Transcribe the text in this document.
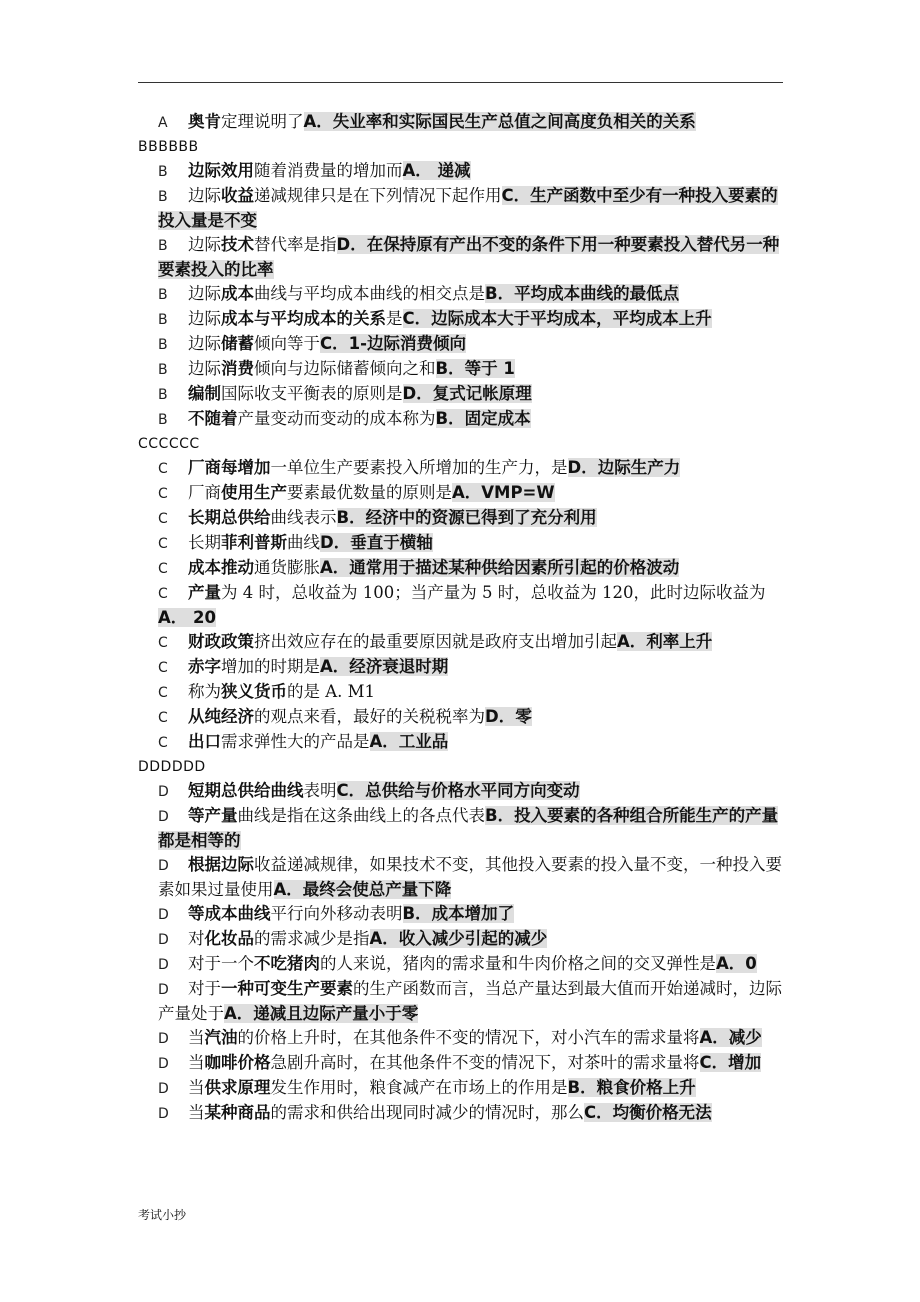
A 奥肯定理说明了A．失业率和实际国民生产总值之间高度负相关的关系

BBBBBB

B 边际效用随着消费量的增加而A． 递减

B 边际收益递减规律只是在下列情况下起作用C．生产函数中至少有一种投入要素的投入量是不变

B 边际技术替代率是指D．在保持原有产出不变的条件下用一种要素投入替代另一种要素投入的比率

B 边际成本曲线与平均成本曲线的相交点是B．平均成本曲线的最低点

B 边际成本与平均成本的关系是C．边际成本大于平均成本，平均成本上升

B 边际储蓄倾向等于C．1-边际消费倾向

B 边际消费倾向与边际储蓄倾向之和B．等于 1

B 编制国际收支平衡表的原则是D．复式记帐原理

B 不随着产量变动而变动的成本称为B．固定成本

CCCCCC

C 厂商每增加一单位生产要素投入所增加的生产力，是D．边际生产力

C 厂商使用生产要素最优数量的原则是A．VMP=W

C 长期总供给曲线表示B．经济中的资源已得到了充分利用

C 长期菲利普斯曲线D．垂直于横轴

C 成本推动通货膨胀A．通常用于描述某种供给因素所引起的价格波动

C 产量为 4 时，总收益为 100；当产量为 5 时，总收益为 120，此时边际收益为A． 20

C 财政政策挤出效应存在的最重要原因就是政府支出增加引起A．利率上升

C 赤字增加的时期是A．经济衰退时期

C 称为狭义货币的是 A. M1

C 从纯经济的观点来看，最好的关税税率为D．零

C 出口需求弹性大的产品是A．工业品

DDDDDD

D 短期总供给曲线表明C．总供给与价格水平同方向变动

D 等产量曲线是指在这条曲线上的各点代表B．投入要素的各种组合所能生产的产量都是相等的

D 根据边际收益递减规律，如果技术不变，其他投入要素的投入量不变，一种投入要素如果过量使用A．最终会使总产量下降

D 等成本曲线平行向外移动表明B．成本增加了

D 对化妆品的需求减少是指A．收入减少引起的减少

D 对于一个不吃猪肉的人来说，猪肉的需求量和牛肉价格之间的交叉弹性是A．0

D 对于一种可变生产要素的生产函数而言，当总产量达到最大值而开始递减时，边际产量处于A．递减且边际产量小于零

D 当汽油的价格上升时，在其他条件不变的情况下，对小汽车的需求量将A．减少

D 当咖啡价格急剧升高时，在其他条件不变的情况下，对茶叶的需求量将C．增加

D 当供求原理发生作用时，粮食减产在市场上的作用是B．粮食价格上升

D 当某种商品的需求和供给出现同时减少的情况时，那么C．均衡价格无法

考试小抄
